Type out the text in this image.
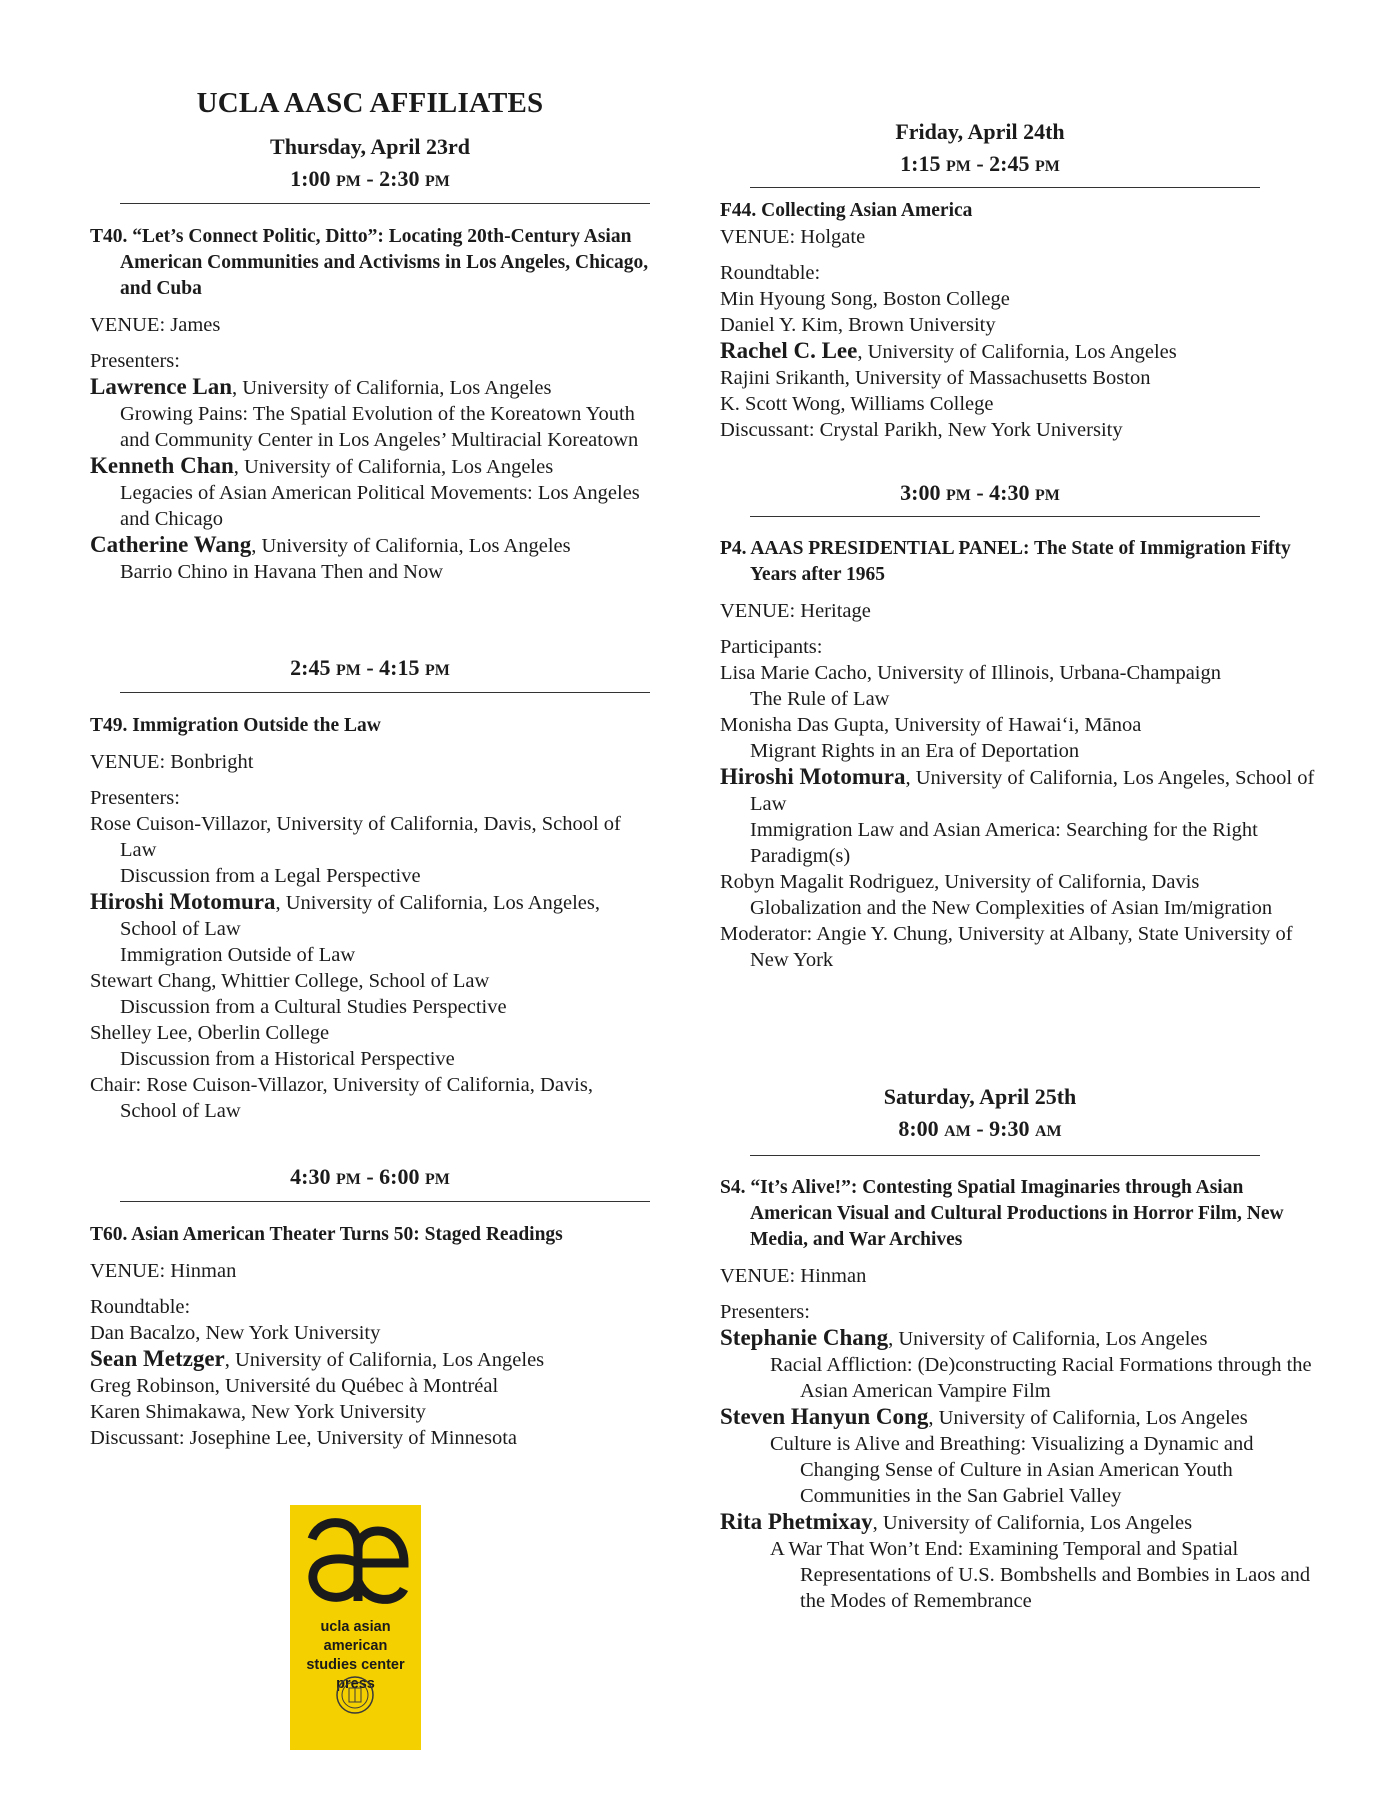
UCLA AASC AFFILIATES
Thursday, April 23rd
1:00 PM - 2:30 PM
T40. “Let’s Connect Politic, Ditto”: Locating 20th-Century Asian American Communities and Activisms in Los Angeles, Chicago, and Cuba
VENUE: James
Presenters:
Lawrence Lan, University of California, Los Angeles
Growing Pains: The Spatial Evolution of the Koreatown Youth and Community Center in Los Angeles’ Multiracial Koreatown
Kenneth Chan, University of California, Los Angeles
Legacies of Asian American Political Movements: Los Angeles and Chicago
Catherine Wang, University of California, Los Angeles
Barrio Chino in Havana Then and Now
2:45 PM - 4:15 PM
T49. Immigration Outside the Law
VENUE: Bonbright
Presenters:
Rose Cuison-Villazor, University of California, Davis, School of Law
Discussion from a Legal Perspective
Hiroshi Motomura, University of California, Los Angeles, School of Law
Immigration Outside of Law
Stewart Chang, Whittier College, School of Law
Discussion from a Cultural Studies Perspective
Shelley Lee, Oberlin College
Discussion from a Historical Perspective
Chair: Rose Cuison-Villazor, University of California, Davis, School of Law
4:30 PM - 6:00 PM
T60. Asian American Theater Turns 50: Staged Readings
VENUE: Hinman
Roundtable:
Dan Bacalzo, New York University
Sean Metzger, University of California, Los Angeles
Greg Robinson, Université du Québec à Montréal
Karen Shimakawa, New York University
Discussant: Josephine Lee, University of Minnesota
ucla asian american
studies center press
Friday, April 24th
1:15 PM - 2:45 PM
F44. Collecting Asian America
VENUE: Holgate
Roundtable:
Min Hyoung Song, Boston College
Daniel Y. Kim, Brown University
Rachel C. Lee, University of California, Los Angeles
Rajini Srikanth, University of Massachusetts Boston
K. Scott Wong, Williams College
Discussant: Crystal Parikh, New York University
3:00 PM - 4:30 PM
P4. AAAS PRESIDENTIAL PANEL: The State of Immigration Fifty Years after 1965
VENUE: Heritage
Participants:
Lisa Marie Cacho, University of Illinois, Urbana-Champaign
The Rule of Law
Monisha Das Gupta, University of Hawai‘i, Mānoa
Migrant Rights in an Era of Deportation
Hiroshi Motomura, University of California, Los Angeles, School of Law
Immigration Law and Asian America: Searching for the Right Paradigm(s)
Robyn Magalit Rodriguez, University of California, Davis
Globalization and the New Complexities of Asian Im/migration
Moderator: Angie Y. Chung, University at Albany, State University of New York
Saturday, April 25th
8:00 AM - 9:30 AM
S4. “It’s Alive!”: Contesting Spatial Imaginaries through Asian American Visual and Cultural Productions in Horror Film, New Media, and War Archives
VENUE: Hinman
Presenters:
Stephanie Chang, University of California, Los Angeles
Racial Affliction: (De)constructing Racial Formations through the Asian American Vampire Film
Steven Hanyun Cong, University of California, Los Angeles
Culture is Alive and Breathing: Visualizing a Dynamic and Changing Sense of Culture in Asian American Youth Communities in the San Gabriel Valley
Rita Phetmixay, University of California, Los Angeles
A War That Won’t End: Examining Temporal and Spatial Representations of U.S. Bombshells and Bombies in Laos and the Modes of Remembrance
